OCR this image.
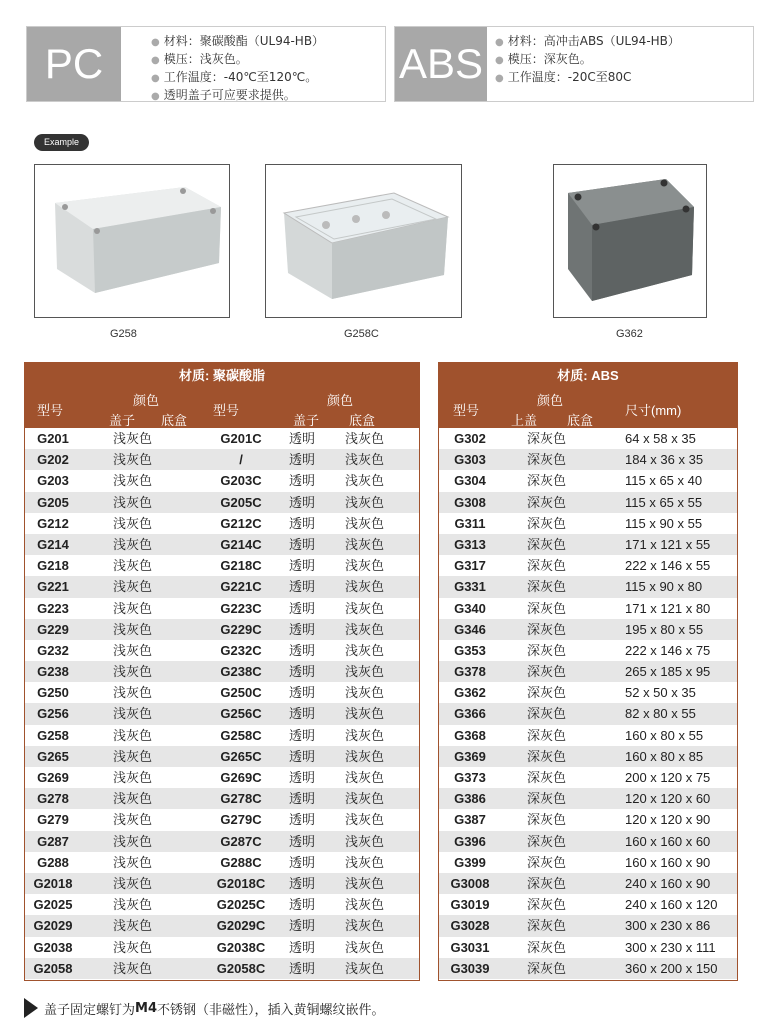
PC	● 材料：聚碳酸酯（UL94-HB）
● 模压：浅灰色。
● 工作温度：-40℃至120℃。
● 透明盖子可应要求提供。
ABS	● 材料：高冲击ABS（UL94-HB）
● 模压：深灰色。
● 工作温度：-20C至80C
Example
G258	G258C	G362
材质: 聚碳酸脂
型号
颜色
盖子 底盒
型号
颜色
盖子 底盒
G201	浅灰色	G201C	透明 浅灰色
G202	浅灰色	/	透明 浅灰色
G203	浅灰色	G203C	透明 浅灰色
G205	浅灰色	G205C	透明 浅灰色
G212	浅灰色	G212C	透明 浅灰色
G214	浅灰色	G214C	透明 浅灰色
G218	浅灰色	G218C	透明 浅灰色
G221	浅灰色	G221C	透明 浅灰色
G223	浅灰色	G223C	透明 浅灰色
G229	浅灰色	G229C	透明 浅灰色
G232	浅灰色	G232C	透明 浅灰色
G238	浅灰色	G238C	透明 浅灰色
G250	浅灰色	G250C	透明 浅灰色
G256	浅灰色	G256C	透明 浅灰色
G258	浅灰色	G258C	透明 浅灰色
G265	浅灰色	G265C	透明 浅灰色
G269	浅灰色	G269C	透明 浅灰色
G278	浅灰色	G278C	透明 浅灰色
G279	浅灰色	G279C	透明 浅灰色
G287	浅灰色	G287C	透明 浅灰色
G288	浅灰色	G288C	透明 浅灰色
G2018	浅灰色	G2018C	透明 浅灰色
G2025	浅灰色	G2025C	透明 浅灰色
G2029	浅灰色	G2029C	透明 浅灰色
G2038	浅灰色	G2038C	透明 浅灰色
G2058	浅灰色	G2058C	透明 浅灰色
材质: ABS
型号
颜色
上盖 底盒
尺寸(mm)
G302	深灰色	64 x 58 x 35
G303	深灰色	184 x 36 x 35
G304	深灰色	115 x 65 x 40
G308	深灰色	115 x 65 x 55
G311	深灰色	115 x 90 x 55
G313	深灰色	171 x 121 x 55
G317	深灰色	222 x 146 x 55
G331	深灰色	115 x 90 x 80
G340	深灰色	171 x 121 x 80
G346	深灰色	195 x 80 x 55
G353	深灰色	222 x 146 x 75
G378	深灰色	265 x 185 x 95
G362	深灰色	52 x 50 x 35
G366	深灰色	82 x 80 x 55
G368	深灰色	160 x 80 x 55
G369	深灰色	160 x 80 x 85
G373	深灰色	200 x 120 x 75
G386	深灰色	120 x 120 x 60
G387	深灰色	120 x 120 x 90
G396	深灰色	160 x 160 x 60
G399	深灰色	160 x 160 x 90
G3008	深灰色	240 x 160 x 90
G3019	深灰色	240 x 160 x 120
G3028	深灰色	300 x 230 x 86
G3031	深灰色	300 x 230 x 111
G3039	深灰色	360 x 200 x 150
盖子固定螺钉为 M4 不锈钢（非磁性），插入黄铜螺纹嵌件。
